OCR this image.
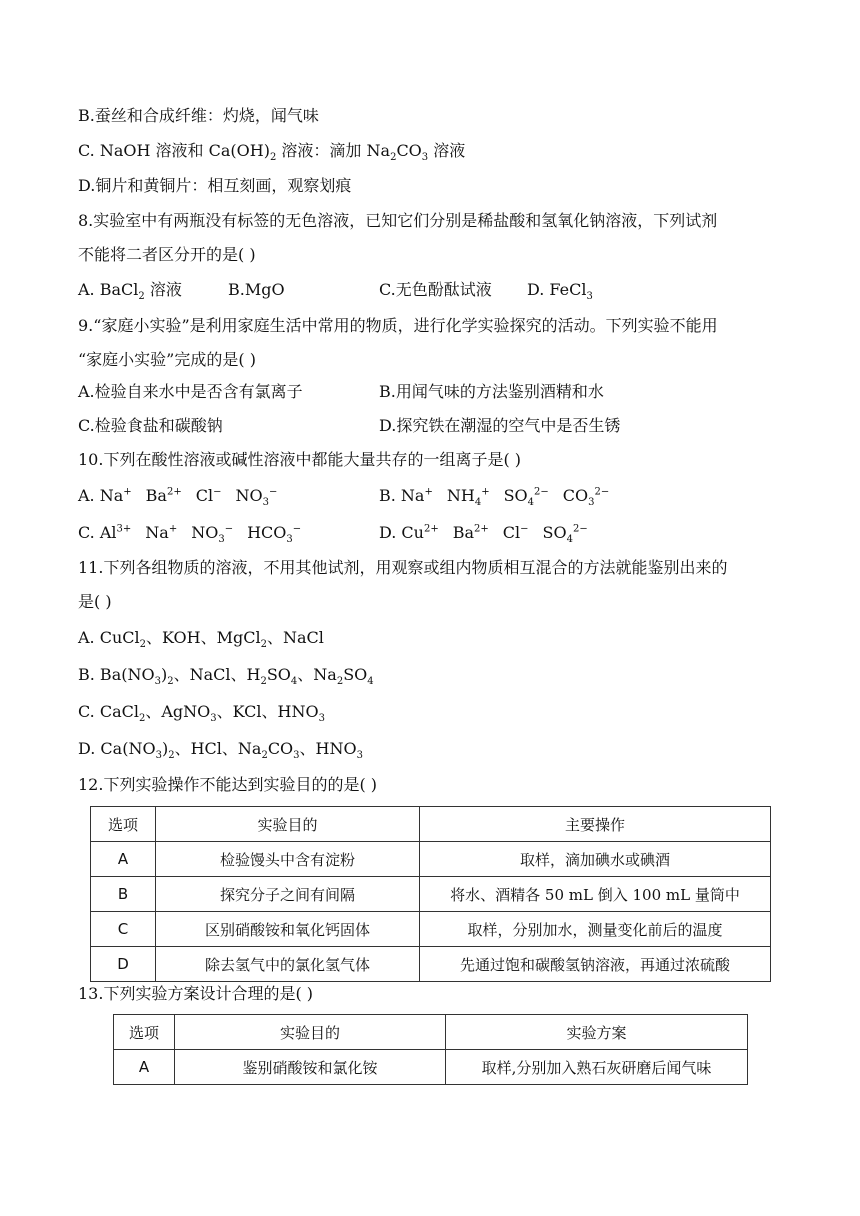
B.蚕丝和合成纤维：灼烧，闻气味
C. NaOH 溶液和 $Ca(OH)_2$ 溶液：滴加 $Na_2CO_3$ 溶液
D.铜片和黄铜片：相互刻画，观察划痕
8.实验室中有两瓶没有标签的无色溶液，已知它们分别是稀盐酸和氢氧化钠溶液，下列试剂
不能将二者区分开的是( )
A. BaCl$_2$ 溶液	B.MgO	C.无色酚酞试液 D. FeCl$_3$
9.“家庭小实验”是利用家庭生活中常用的物质，进行化学实验探究的活动。下列实验不能用
“家庭小实验”完成的是( )
A.检验自来水中是否含有氯离子	B.用闻气味的方法鉴别酒精和水
C.检验食盐和碳酸钠	D.探究铁在潮湿的空气中是否生锈
10.下列在酸性溶液或碱性溶液中都能大量共存的一组离子是( )
A. Na+ $Ba^{2+}$ Cl− $NO_3^-$	B. Na+ $NH_4^+$ $SO_4^{2-}$ $CO_3^{2-}$
C. $Al^{3+}$ Na+ $NO_3^-$ $HCO_3^-$	D. $Cu^{2+}$ $Ba^{2+}$ Cl− $SO_4^{2-}$
11.下列各组物质的溶液，不用其他试剂，用观察或组内物质相互混合的方法就能鉴别出来的
是( )
A. CuCl$_2$、KOH、MgCl$_2$、NaCl
B. $Ba(NO_3)_2$、NaCl、$H_2SO_4$、$Na_2SO_4$
C. CaCl$_2$、AgNO$_3$、KCl、$HNO_3$
D. $Ca(NO_3)_2$、HCl、$Na_2CO_3$、$HNO_3$
12.下列实验操作不能达到实验目的的是( )
选项	实验目的	主要操作
A	检验馒头中含有淀粉	取样，滴加碘水或碘酒
B	探究分子之间有间隔	将水、酒精各 50 mL 倒入 100 mL 量筒中
C	区别硝酸铵和氧化钙固体	取样，分别加水，测量变化前后的温度
D	除去氢气中的氯化氢气体	先通过饱和碳酸氢钠溶液，再通过浓硫酸
13.下列实验方案设计合理的是( )
选项	实验目的	实验方案
A	鉴别硝酸铵和氯化铵	取样,分别加入熟石灰研磨后闻气味
